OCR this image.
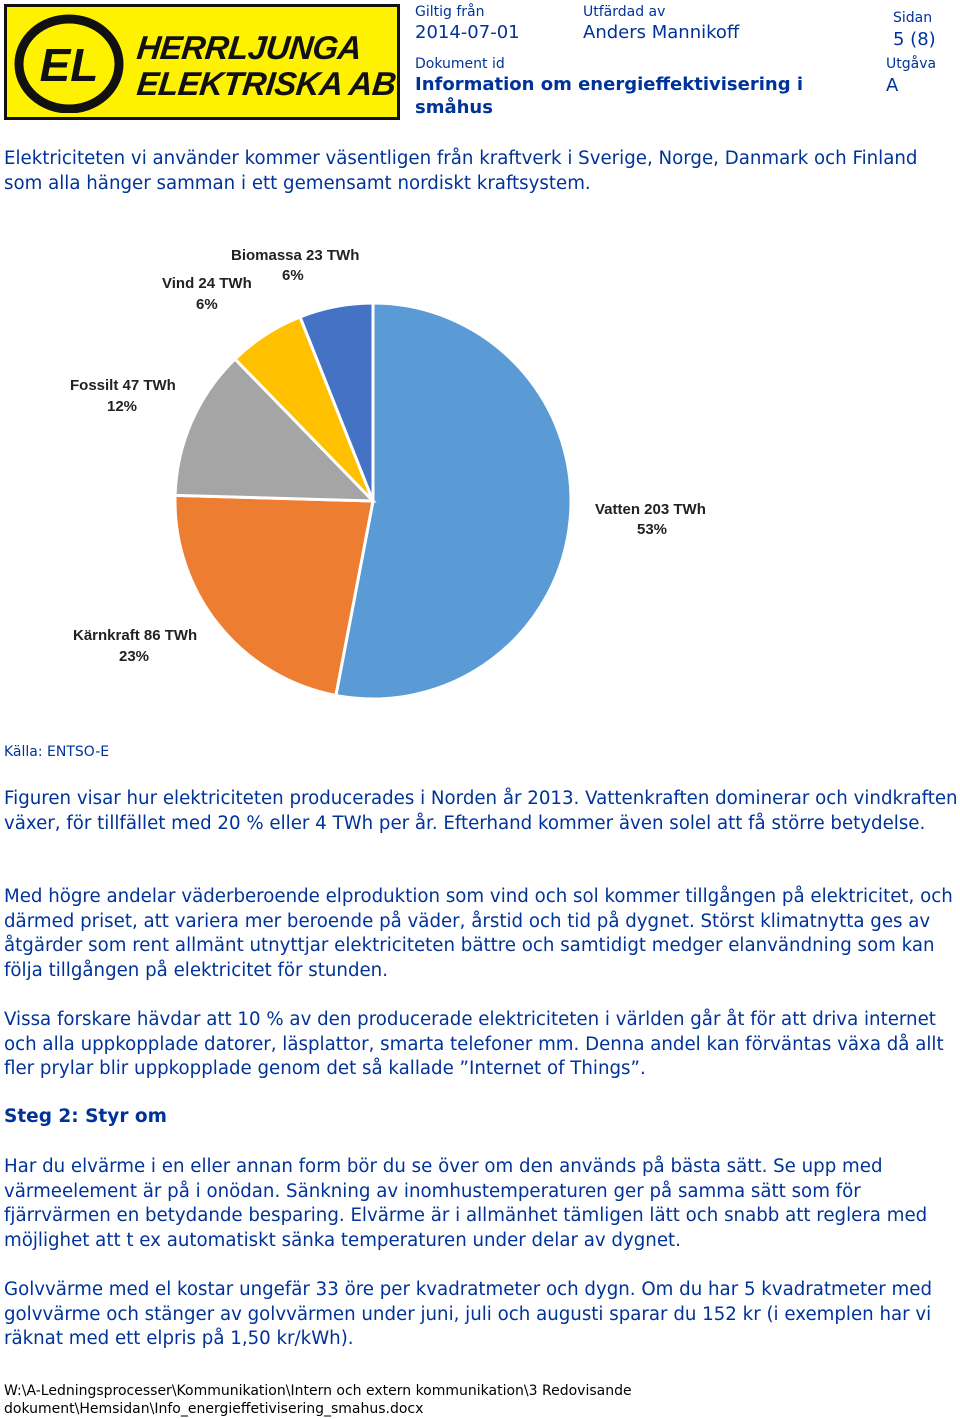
EL HERRLJUNGA
ELEKTRISKA AB
Giltig från
2014-07-01
Utfärdad av
Anders Mannikoff
Sidan
5 (8)
Dokument id
Information om energieffektivisering i småhus
Utgåva
A
Elektriciteten vi använder kommer väsentligen från kraftverk i Sverige, Norge, Danmark och Finland som alla hänger samman i ett gemensamt nordiskt kraftsystem.
Vatten 203 TWh
53%
Kärnkraft 86 TWh
23%
Fossilt 47 TWh
12%
Vind 24 TWh
6%
Biomassa 23 TWh
6%
Källa: ENTSO-E
Figuren visar hur elektriciteten producerades i Norden år 2013. Vattenkraften dominerar och vindkraften växer, för tillfället med 20 % eller 4 TWh per år. Efterhand kommer även solel att få större betydelse.
Med högre andelar väderberoende elproduktion som vind och sol kommer tillgången på elektricitet, och därmed priset, att variera mer beroende på väder, årstid och tid på dygnet. Störst klimatnytta ges av åtgärder som rent allmänt utnyttjar elektriciteten bättre och samtidigt medger elanvändning som kan följa tillgången på elektricitet för stunden.
Vissa forskare hävdar att 10 % av den producerade elektriciteten i världen går åt för att driva internet och alla uppkopplade datorer, läsplattor, smarta telefoner mm. Denna andel kan förväntas växa då allt fler prylar blir uppkopplade genom det så kallade ”Internet of Things”.
Steg 2: Styr om
Har du elvärme i en eller annan form bör du se över om den används på bästa sätt. Se upp med värmeelement är på i onödan. Sänkning av inomhustemperaturen ger på samma sätt som för fjärrvärmen en betydande besparing. Elvärme är i allmänhet tämligen lätt och snabb att reglera med möjlighet att t ex automatiskt sänka temperaturen under delar av dygnet.
Golvvärme med el kostar ungefär 33 öre per kvadratmeter och dygn. Om du har 5 kvadratmeter med golvvärme och stänger av golvvärmen under juni, juli och augusti sparar du 152 kr (i exemplen har vi räknat med ett elpris på 1,50 kr/kWh).
W:\A-Ledningsprocesser\Kommunikation\Intern och extern kommunikation\3 Redovisande dokument\Hemsidan\Info_energieffetivisering_smahus.docx
